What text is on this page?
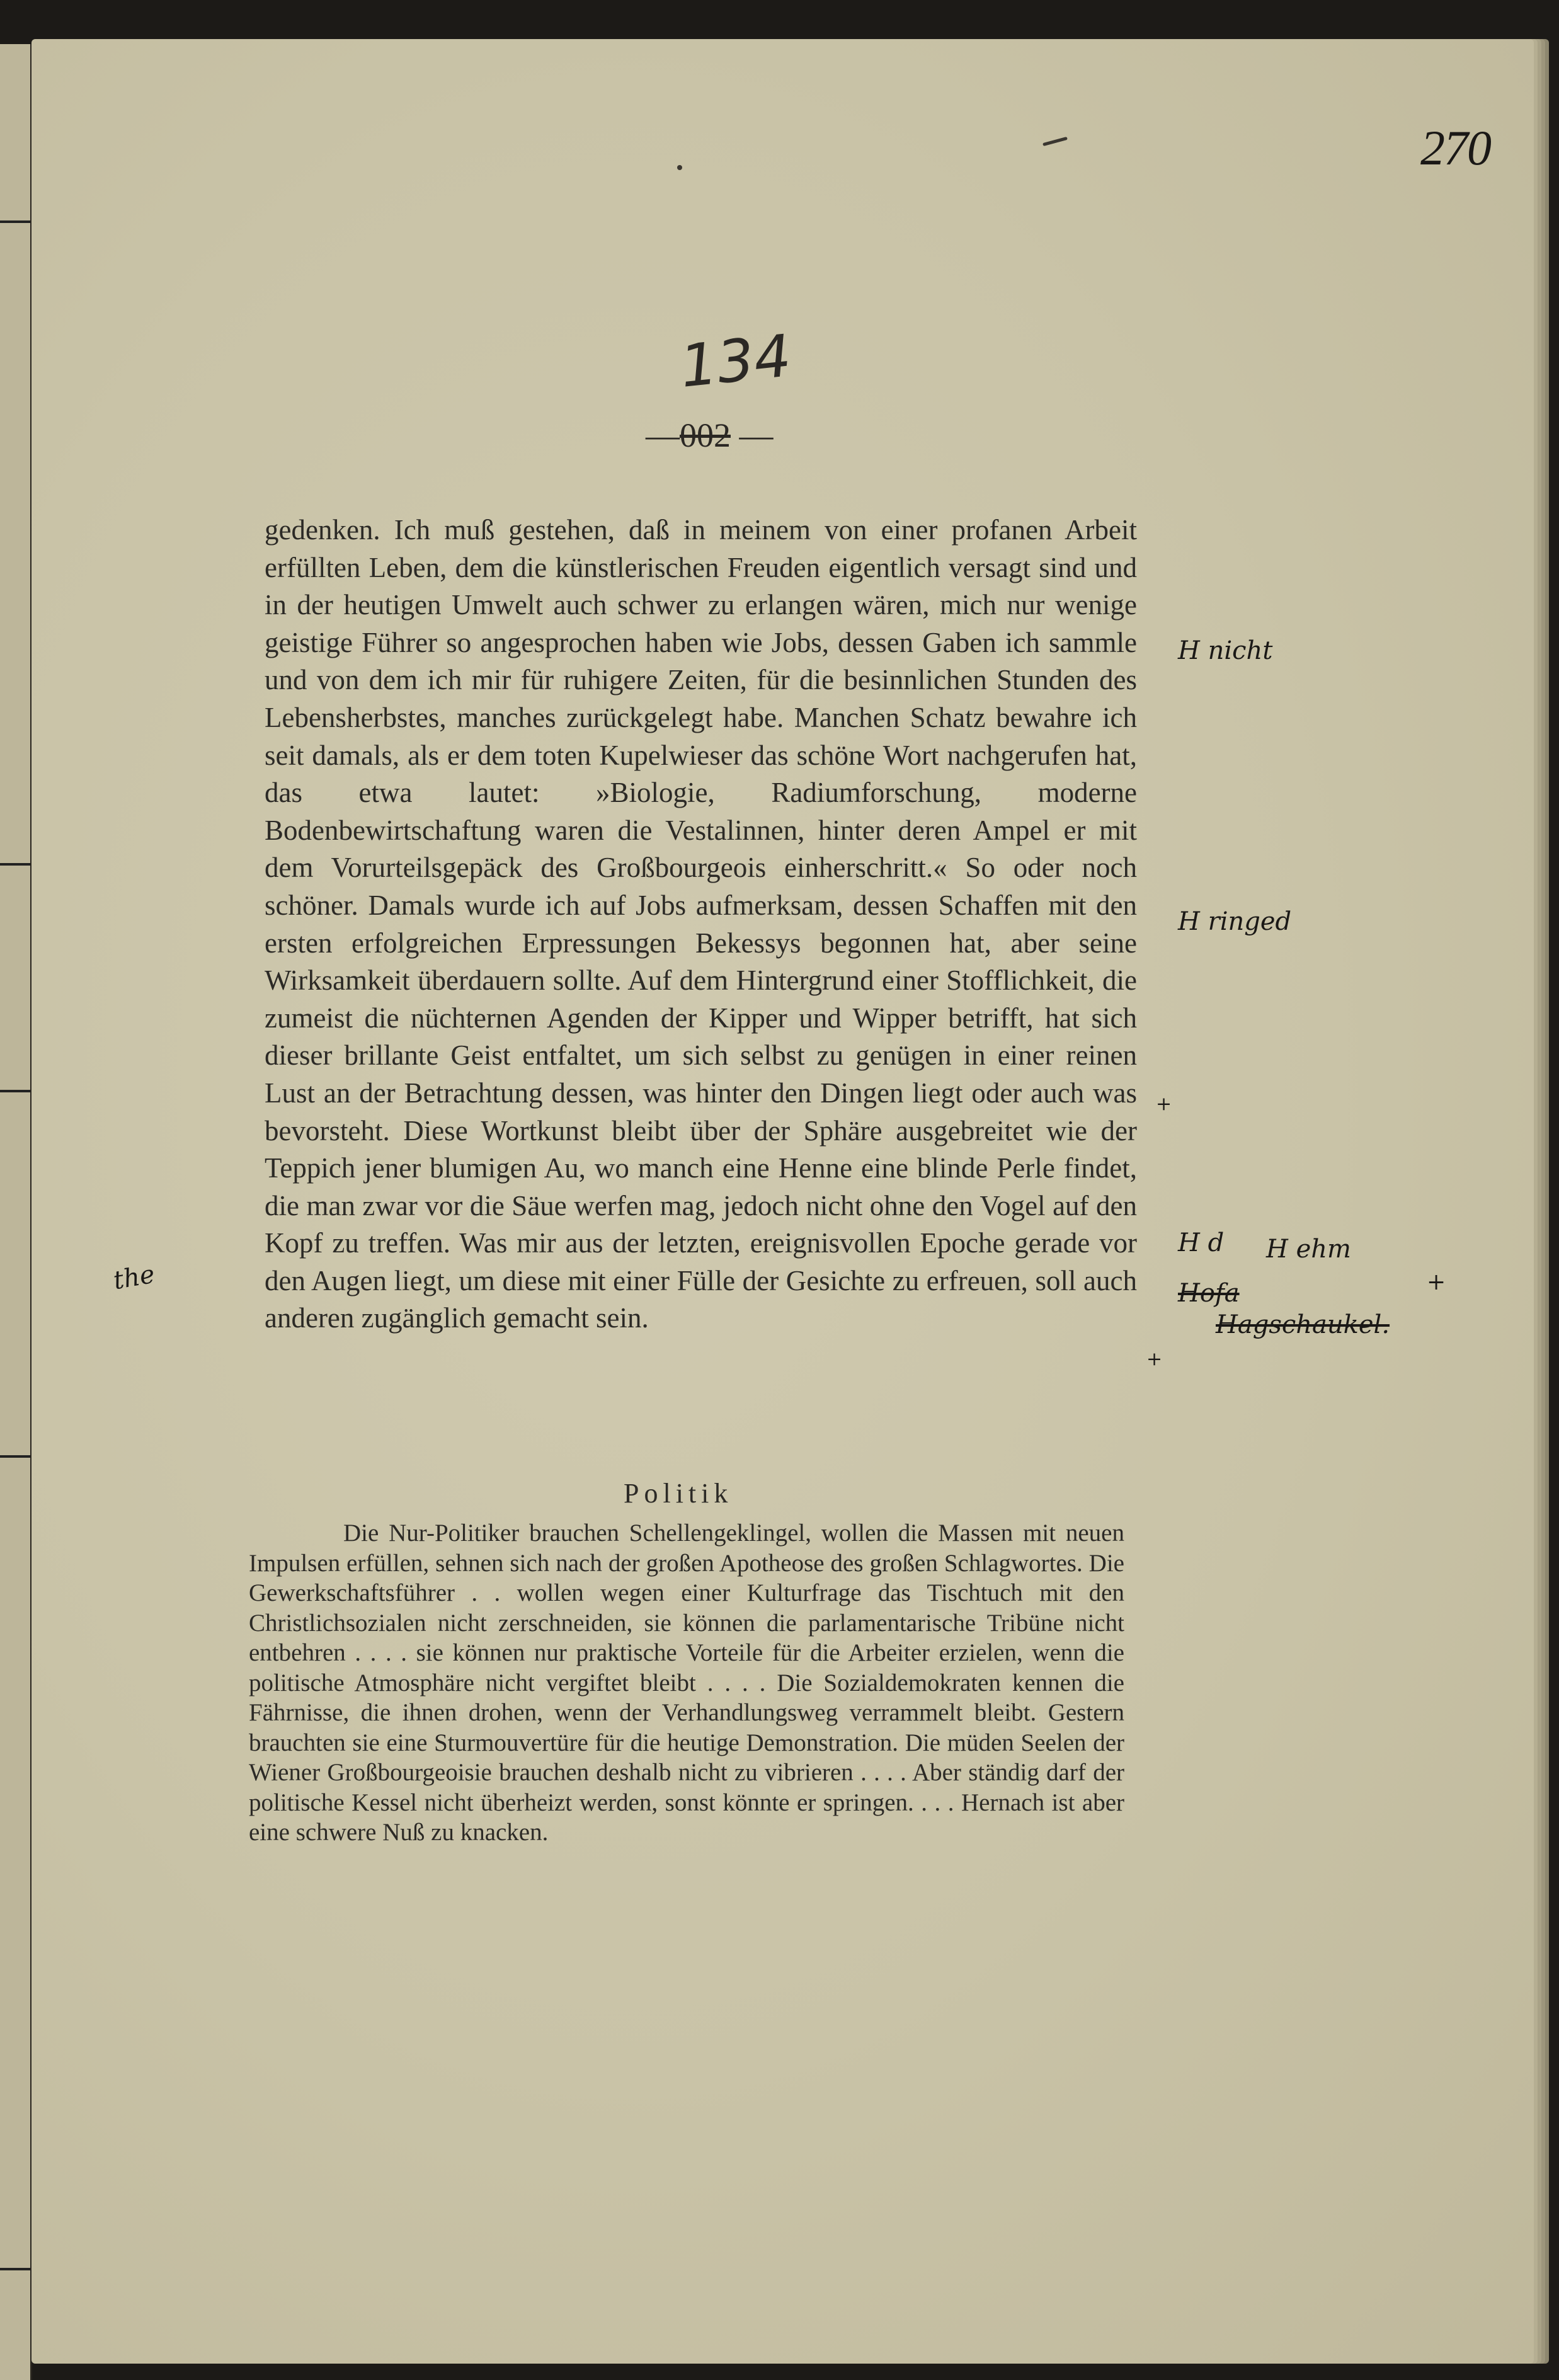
270
134
—002 —

gedenken. Ich muß gestehen, daß in meinem von einer profanen Arbeit erfüllten Leben, dem die künstlerischen Freuden eigentlich versagt sind und in der heutigen Umwelt auch schwer zu erlangen wären, mich nur wenige geistige Führer so angesprochen haben wie Jobs, dessen Gaben ich sammle und von dem ich mir für ruhigere Zeiten, für die besinnlichen Stunden des Lebensherbstes, manches zurückgelegt habe. Manchen Schatz bewahre ich seit damals, als er dem toten Kupelwieser das schöne Wort nachgerufen hat, das etwa lautet: »Biologie, Radiumforschung, moderne Bodenbewirtschaftung waren die Vestalinnen, hinter deren Ampel er mit dem Vorurteilsgepäck des Großbourgeois einherschritt.« So oder noch schöner. Damals wurde ich auf Jobs aufmerksam, dessen Schaffen mit den ersten erfolgreichen Erpressungen Bekessys begonnen hat, aber seine Wirksamkeit überdauern sollte. Auf dem Hintergrund einer Stofflichkeit, die zumeist die nüchternen Agenden der Kipper und Wipper betrifft, hat sich dieser brillante Geist entfaltet, um sich selbst zu genügen in einer reinen Lust an der Betrachtung dessen, was hinter den Dingen liegt oder auch was bevorsteht. Diese Wortkunst bleibt über der Sphäre ausgebreitet wie der Teppich jener blumigen Au, wo manch eine Henne eine blinde Perle findet, die man zwar vor die Säue werfen mag, jedoch nicht ohne den Vogel auf den Kopf zu treffen. Was mir aus der letzten, ereignisvollen Epoche gerade vor den Augen liegt, um diese mit einer Fülle der Gesichte zu erfreuen, soll auch anderen zugänglich gemacht sein.

Politik

Die Nur-Politiker brauchen Schellengeklingel, wollen die Massen mit neuen Impulsen erfüllen, sehnen sich nach der großen Apotheose des großen Schlagwortes. Die Gewerkschaftsführer . . wollen wegen einer Kulturfrage das Tischtuch mit den Christlichsozialen nicht zerschneiden, sie können die parlamentarische Tribüne nicht entbehren . . . . sie können nur praktische Vorteile für die Arbeiter erzielen, wenn die politische Atmosphäre nicht vergiftet bleibt . . . . Die Sozialdemokraten kennen die Fährnisse, die ihnen drohen, wenn der Verhandlungsweg verrammelt bleibt. Gestern brauchten sie eine Sturmouvertüre für die heutige Demonstration. Die müden Seelen der Wiener Großbourgeoisie brauchen deshalb nicht zu vibrieren . . . . Aber ständig darf der politische Kessel nicht überheizt werden, sonst könnte er springen. . . . Hernach ist aber eine schwere Nuß zu knacken.

H nicht
H ringed
H d H ehm
Hofa
Hagschaukel.
the
+
+
+
